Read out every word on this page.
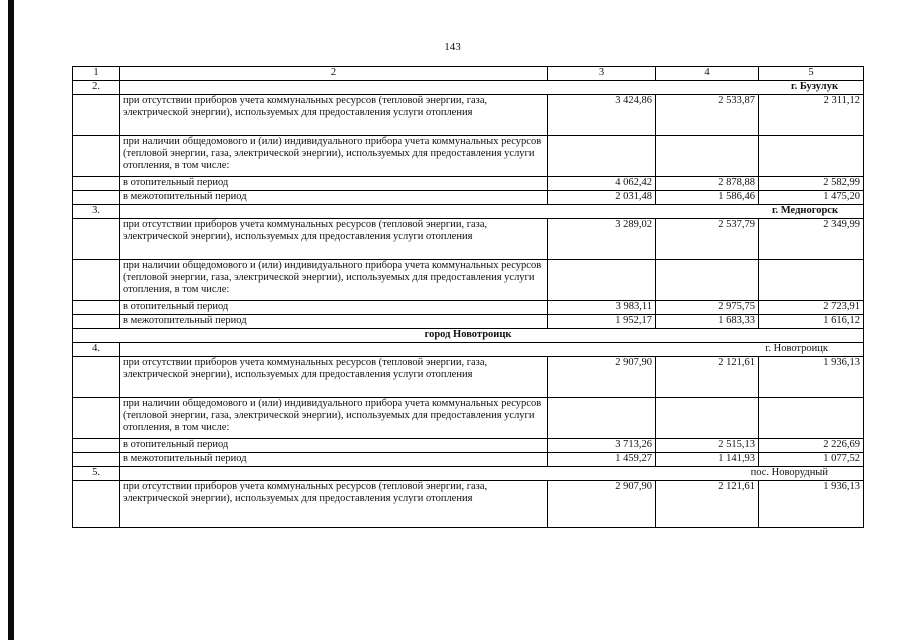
143
1	2	3	4	5
2.	г. Бузулук			
	при отсутствии приборов учета коммунальных ресурсов (тепловой энергии, газа, электрической энергии), используемых для предоставления услуги отопления	3 424,86	2 533,87	2 311,12
	при наличии общедомового и (или) индивидуального прибора учета коммунальных ресурсов (тепловой энергии, газа, электрической энергии), используемых для предоставления услуги отопления, в том числе:			
	в отопительный период	4 062,42	2 878,88	2 582,99
	в межотопительный период	2 031,48	1 586,46	1 475,20
3.	г. Медногорск			
	при отсутствии приборов учета коммунальных ресурсов (тепловой энергии, газа, электрической энергии), используемых для предоставления услуги отопления	3 289,02	2 537,79	2 349,99
	при наличии общедомового и (или) индивидуального прибора учета коммунальных ресурсов (тепловой энергии, газа, электрической энергии), используемых для предоставления услуги отопления, в том числе:			
	в отопительный период	3 983,11	2 975,75	2 723,91
	в межотопительный период	1 952,17	1 683,33	1 616,12
город Новотроицк				
4.	г. Новотроицк			
	при отсутствии приборов учета коммунальных ресурсов (тепловой энергии, газа, электрической энергии), используемых для предоставления услуги отопления	2 907,90	2 121,61	1 936,13
	при наличии общедомового и (или) индивидуального прибора учета коммунальных ресурсов (тепловой энергии, газа, электрической энергии), используемых для предоставления услуги отопления, в том числе:			
	в отопительный период	3 713,26	2 515,13	2 226,69
	в межотопительный период	1 459,27	1 141,93	1 077,52
5.	пос. Новорудный			
	при отсутствии приборов учета коммунальных ресурсов (тепловой энергии, газа, электрической энергии), используемых для предоставления услуги отопления	2 907,90	2 121,61	1 936,13
